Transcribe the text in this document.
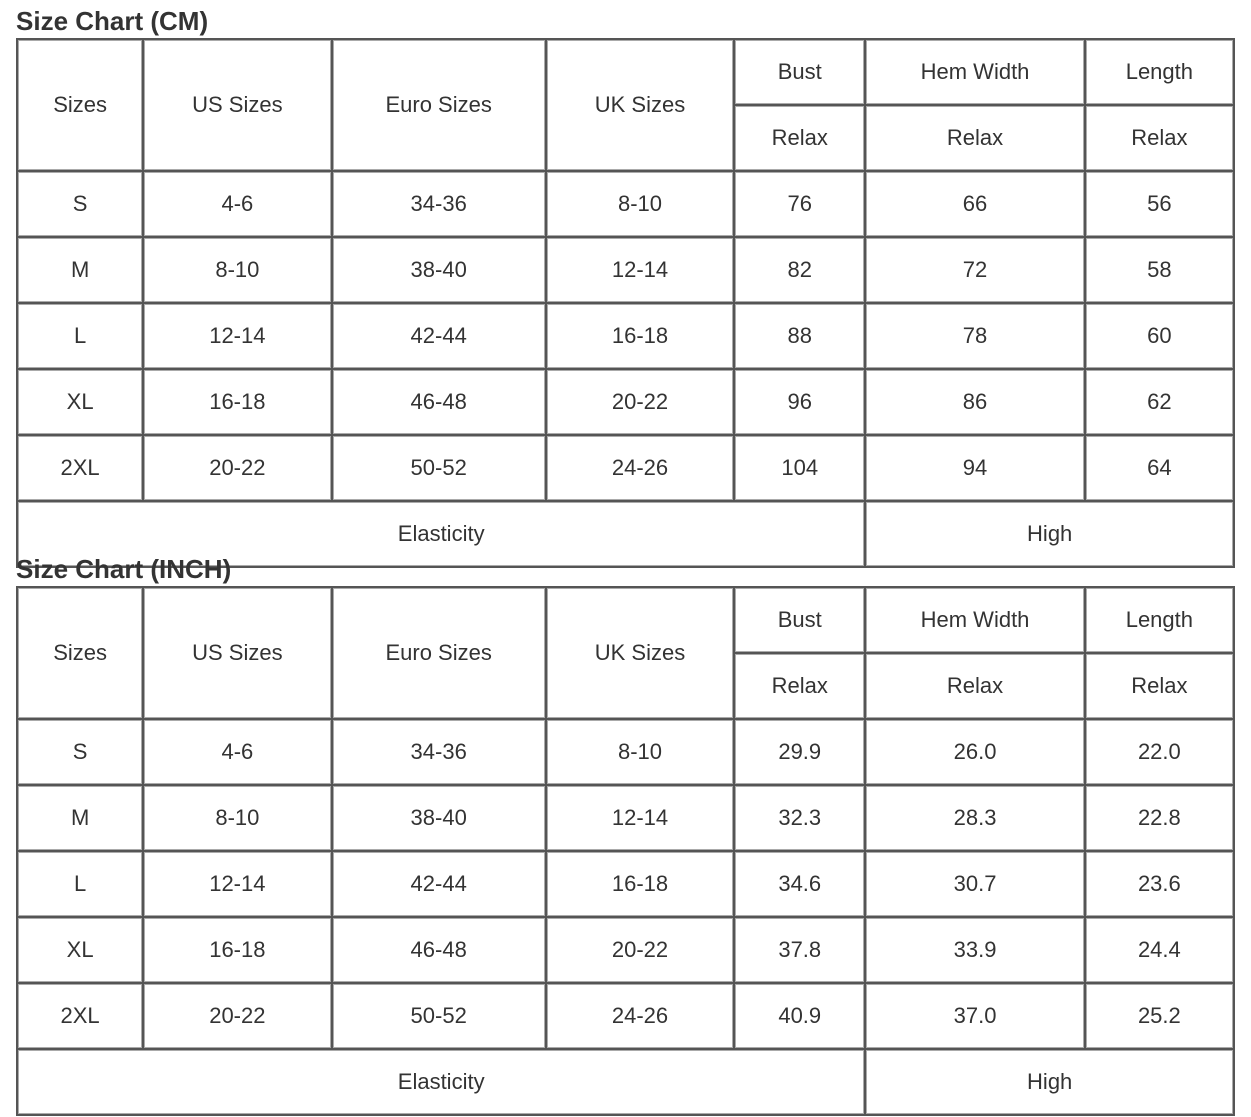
Size Chart (CM)
Sizes	US Sizes	Euro Sizes	UK Sizes	Bust	Hem Width	Length
				Relax	Relax	Relax
S	4-6	34-36	8-10	76	66	56
M	8-10	38-40	12-14	82	72	58
L	12-14	42-44	16-18	88	78	60
XL	16-18	46-48	20-22	96	86	62
2XL	20-22	50-52	24-26	104	94	64
Elasticity					High	
Size Chart (INCH)
Sizes	US Sizes	Euro Sizes	UK Sizes	Bust	Hem Width	Length
				Relax	Relax	Relax
S	4-6	34-36	8-10	29.9	26.0	22.0
M	8-10	38-40	12-14	32.3	28.3	22.8
L	12-14	42-44	16-18	34.6	30.7	23.6
XL	16-18	46-48	20-22	37.8	33.9	24.4
2XL	20-22	50-52	24-26	40.9	37.0	25.2
Elasticity					High	
